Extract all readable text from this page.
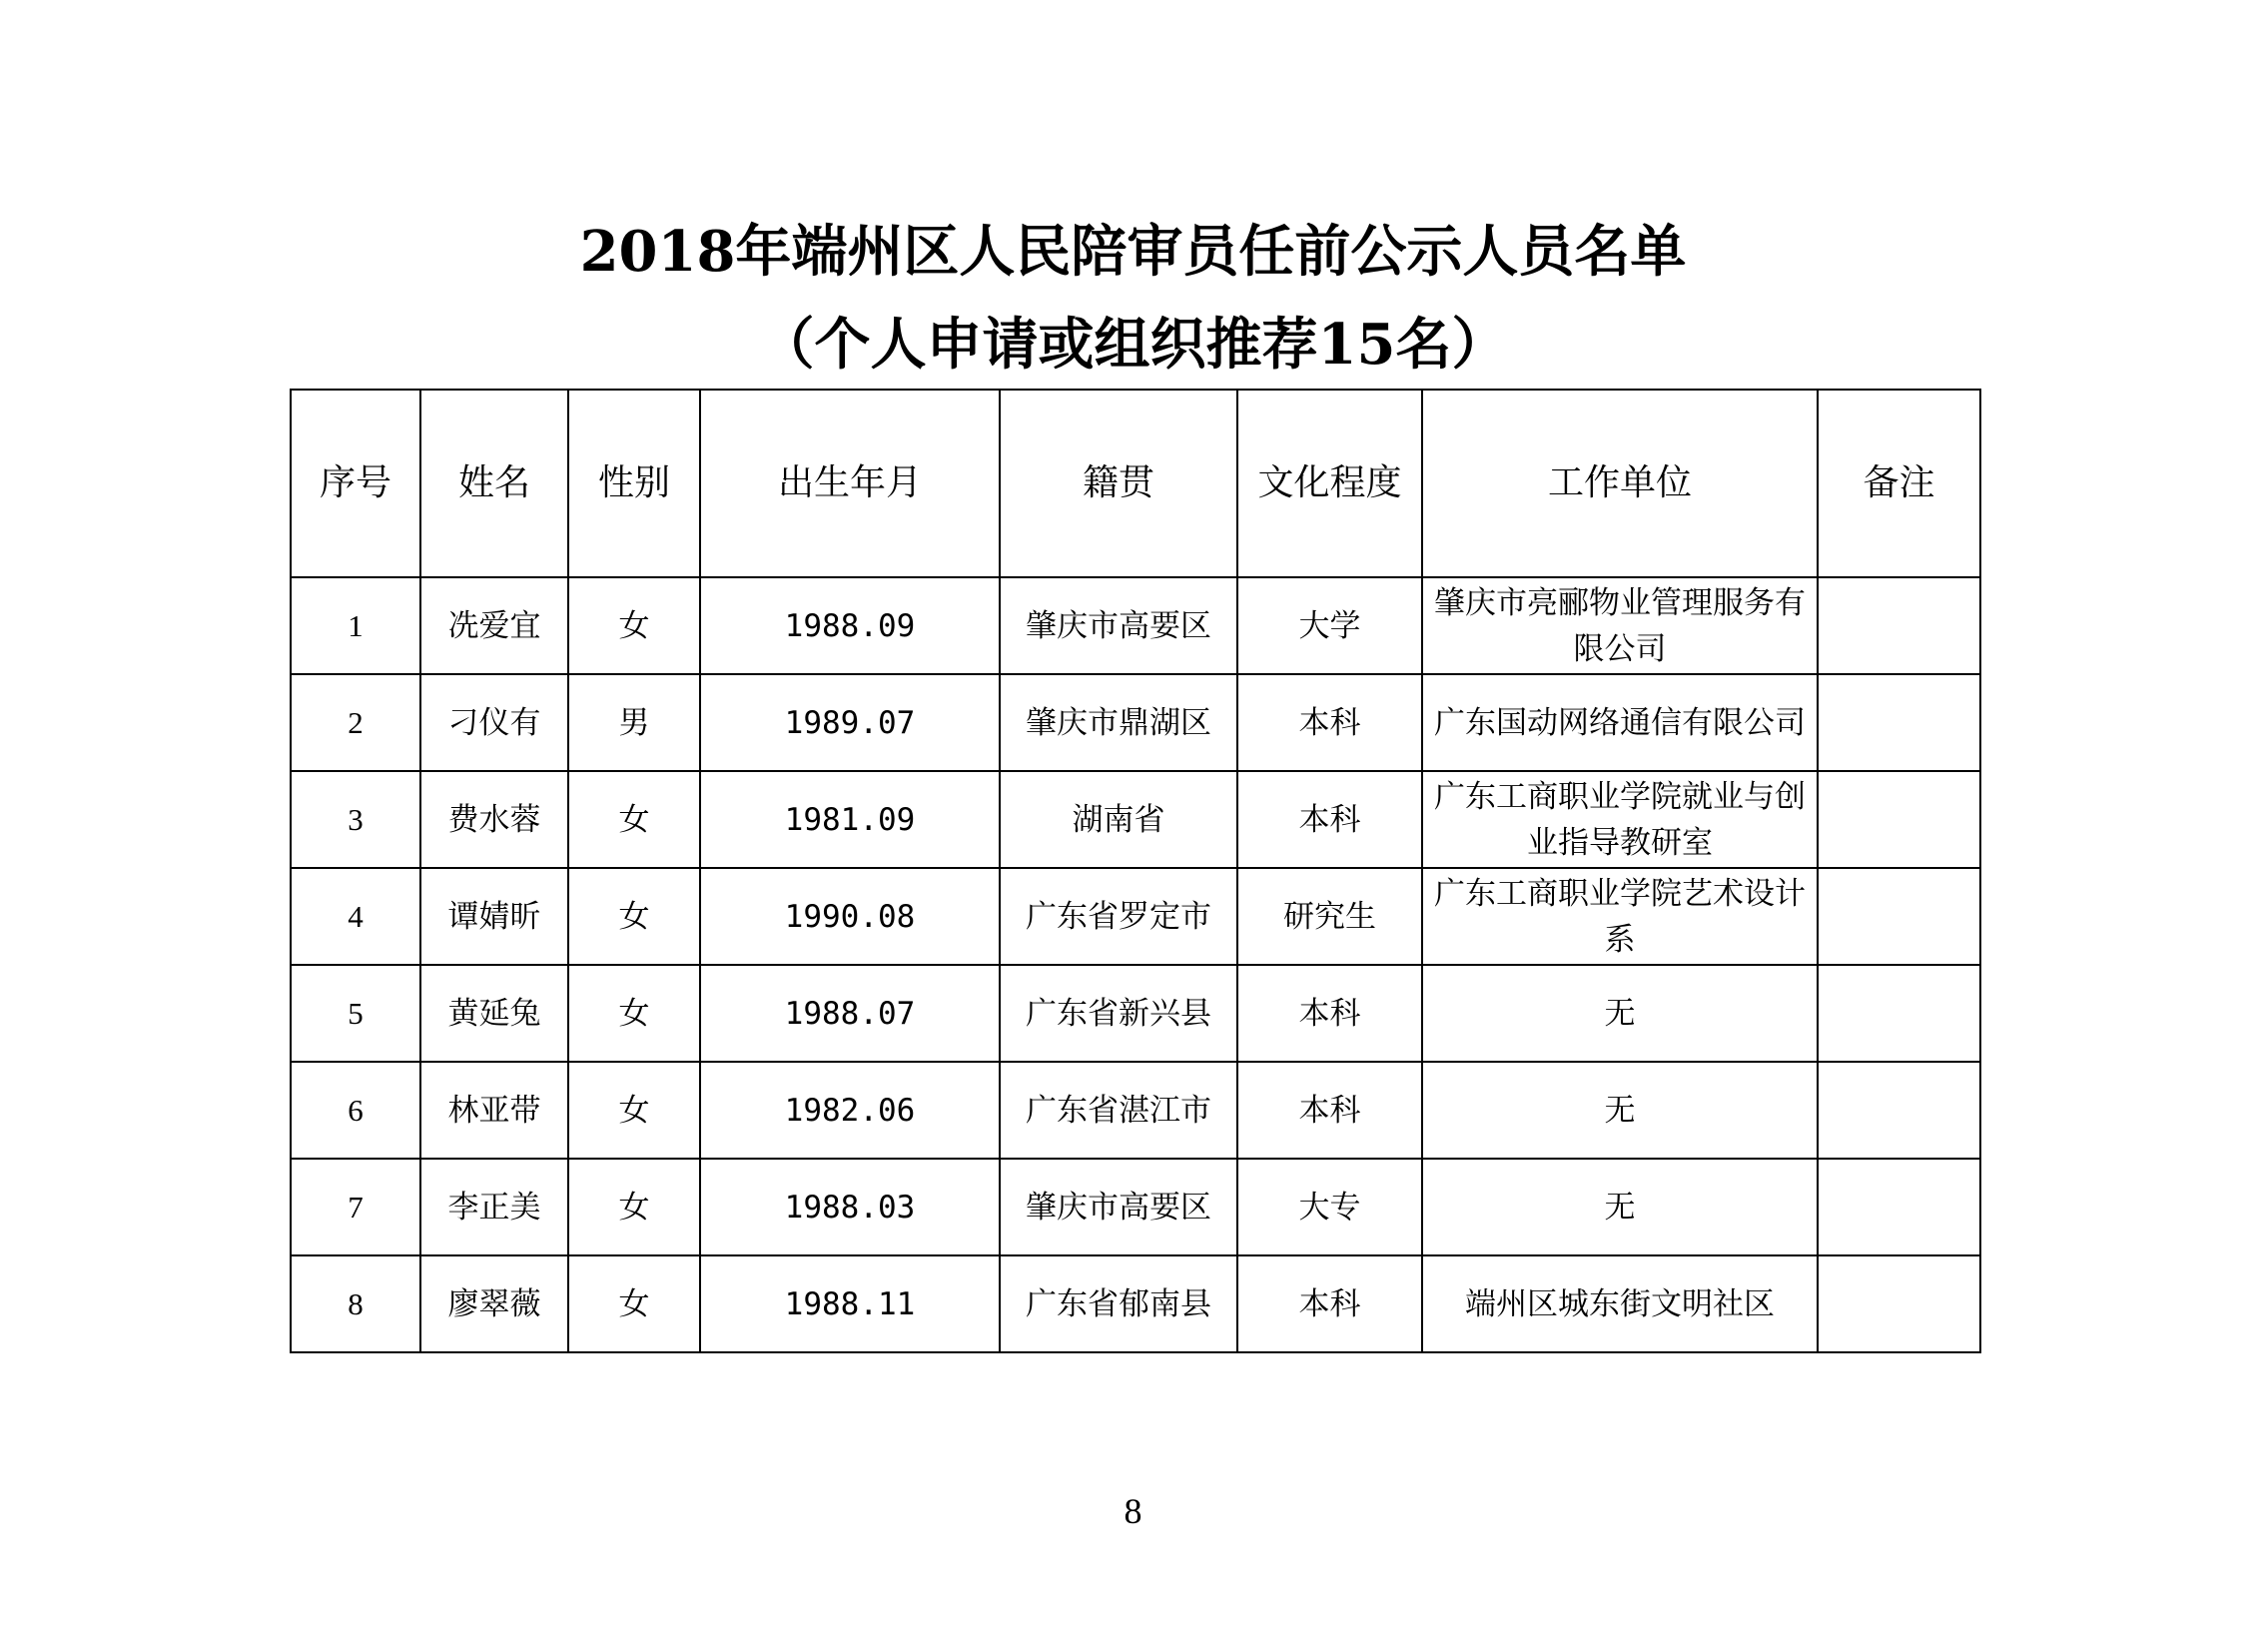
2018年端州区人民陪审员任前公示人员名单
（个人申请或组织推荐15名）
序号	姓名	性别	出生年月	籍贯	文化程度	工作单位	备注
1	冼爱宜	女	1988.09	肇庆市高要区	大学	肇庆市亮郦物业管理服务有限公司	
2	刁仪有	男	1989.07	肇庆市鼎湖区	本科	广东国动网络通信有限公司	
3	费水蓉	女	1981.09	湖南省	本科	广东工商职业学院就业与创业指导教研室	
4	谭婧昕	女	1990.08	广东省罗定市	研究生	广东工商职业学院艺术设计系	
5	黄延兔	女	1988.07	广东省新兴县	本科	无	
6	林亚带	女	1982.06	广东省湛江市	本科	无	
7	李正美	女	1988.03	肇庆市高要区	大专	无	
8	廖翠薇	女	1988.11	广东省郁南县	本科	端州区城东街文明社区	
8
